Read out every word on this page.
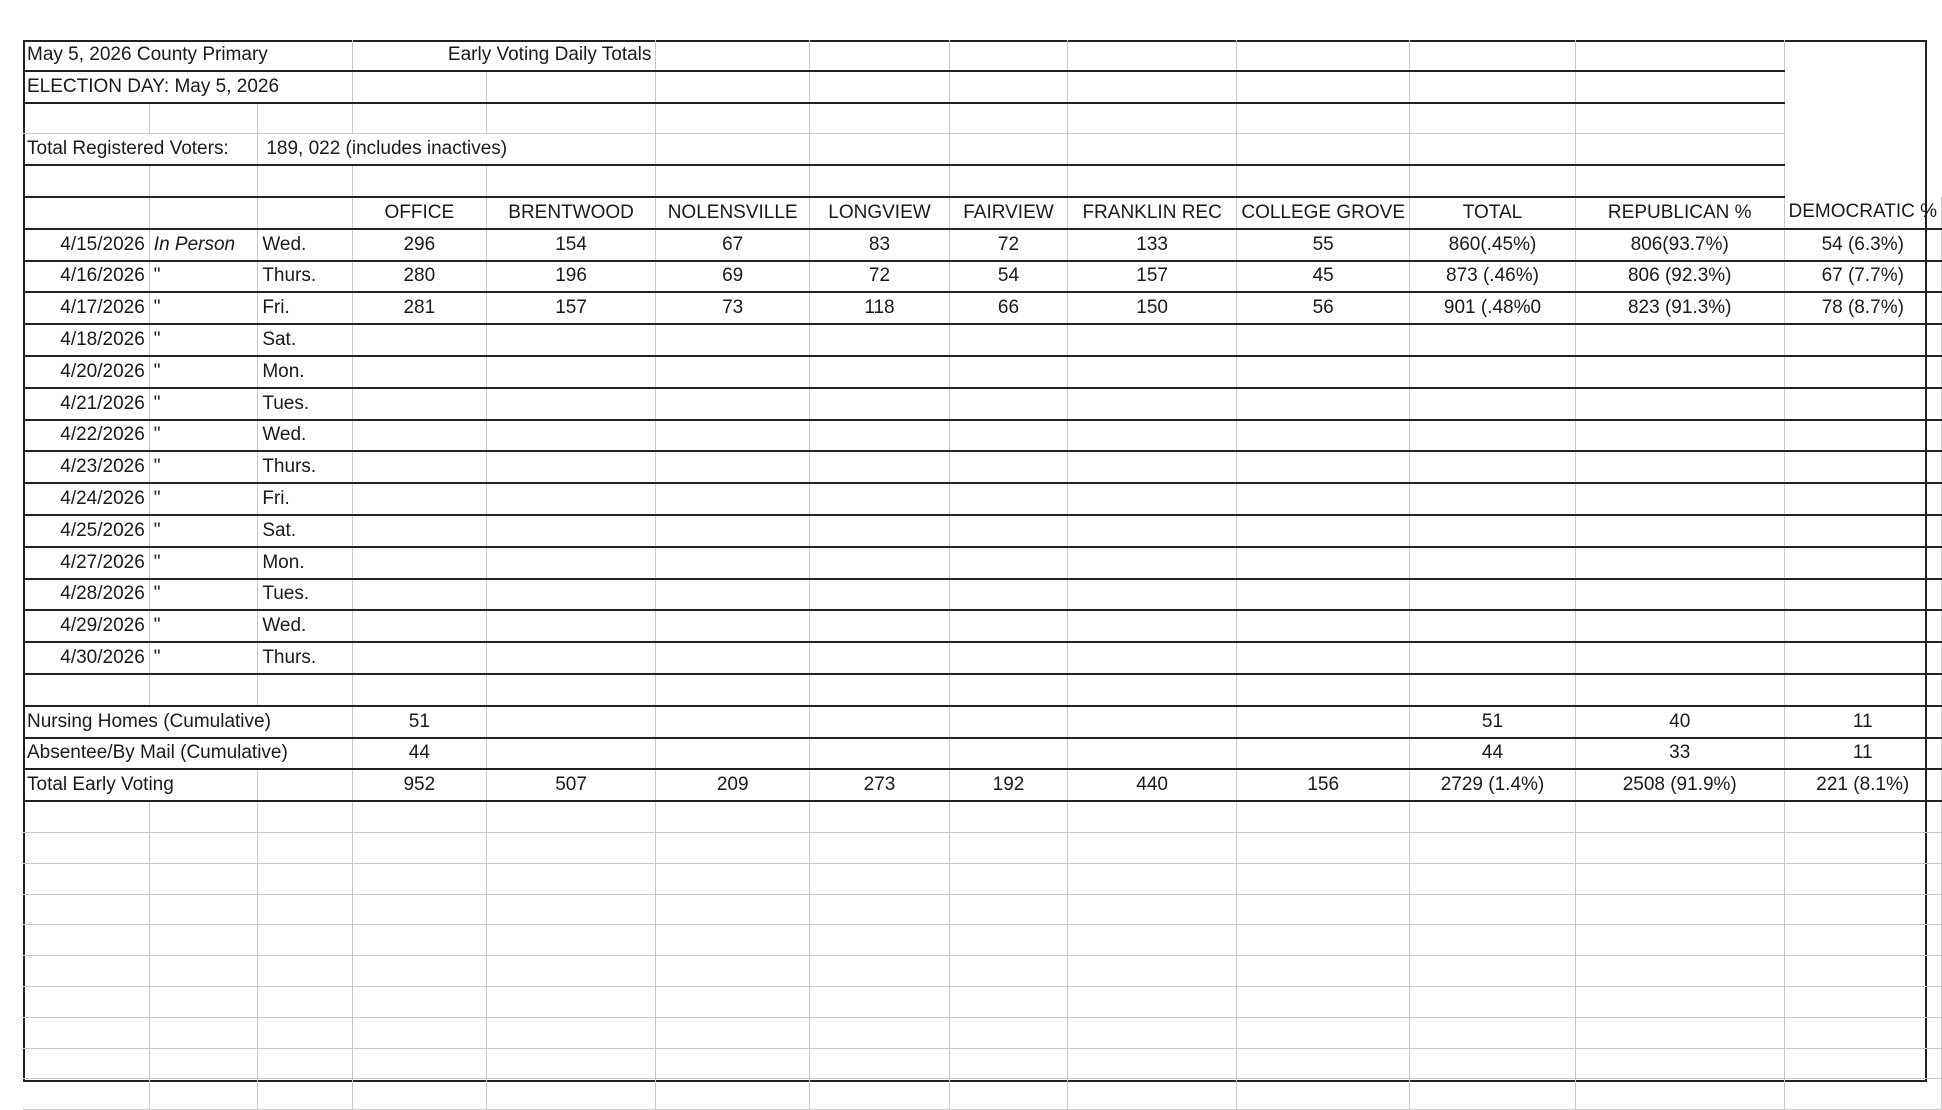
May 5, 2026 County Primary			Early Voting Daily Totals									
ELECTION DAY: May 5, 2026												

Total Registered Voters:		189, 022 (includes inactives)										

			OFFICE	BRENTWOOD	NOLENSVILLE	LONGVIEW	FAIRVIEW	FRANKLIN REC	COLLEGE GROVE	TOTAL	REPUBLICAN %	DEMOCRATIC %
4/15/2026	In Person	Wed.	296	154	67	83	72	133	55	860(.45%)	806(93.7%)	54 (6.3%)
4/16/2026	"	Thurs.	280	196	69	72	54	157	45	873 (.46%)	806 (92.3%)	67 (7.7%)
4/17/2026	"	Fri.	281	157	73	118	66	150	56	901 (.48%0	823 (91.3%)	78 (8.7%)
4/18/2026	"	Sat.										
4/20/2026	"	Mon.										
4/21/2026	"	Tues.										
4/22/2026	"	Wed.										
4/23/2026	"	Thurs.										
4/24/2026	"	Fri.										
4/25/2026	"	Sat.										
4/27/2026	"	Mon.										
4/28/2026	"	Tues.										
4/29/2026	"	Wed.										
4/30/2026	"	Thurs.										

Nursing Homes (Cumulative)			51							51	40	11
Absentee/By Mail (Cumulative)			44							44	33	11
Total Early Voting			952	507	209	273	192	440	156	2729 (1.4%)	2508 (91.9%)	221 (8.1%)
